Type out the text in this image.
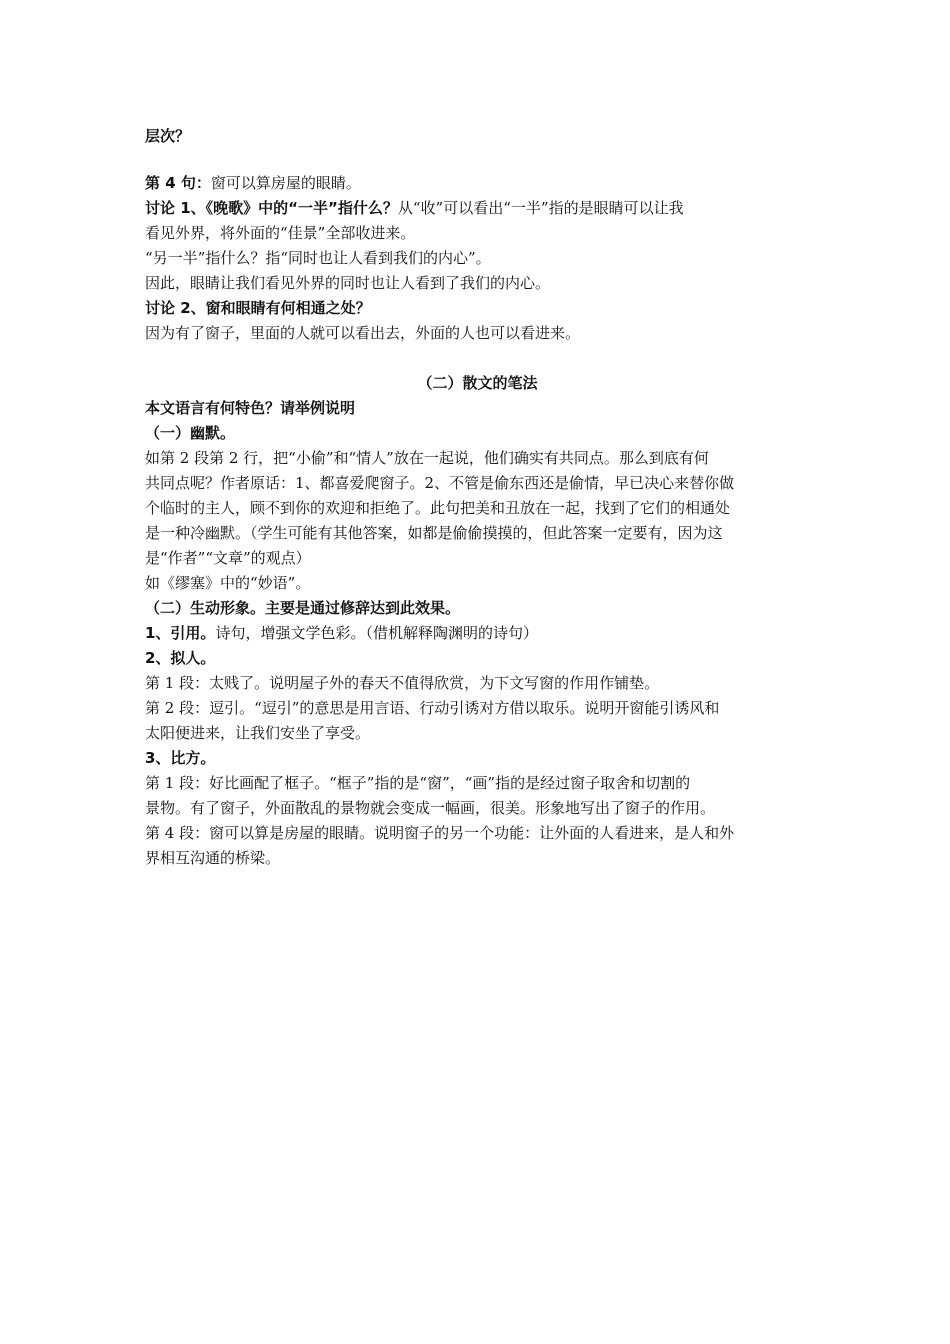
层次？
第 4 句：窗可以算房屋的眼睛。
讨论 1、《晚歌》中的“一半”指什么？从“收”可以看出“一半”指的是眼睛可以让我
看见外界，将外面的“佳景”全部收进来。
“另一半”指什么？指“同时也让人看到我们的内心”。
因此，眼睛让我们看见外界的同时也让人看到了我们的内心。
讨论 2、窗和眼睛有何相通之处？
因为有了窗子，里面的人就可以看出去，外面的人也可以看进来。
（二）散文的笔法
本文语言有何特色？请举例说明
（一）幽默。
如第 2 段第 2 行，把“小偷”和“情人”放在一起说，他们确实有共同点。那么到底有何
共同点呢？作者原话：1、都喜爱爬窗子。2、不管是偷东西还是偷情，早已决心来替你做
个临时的主人，顾不到你的欢迎和拒绝了。此句把美和丑放在一起，找到了它们的相通处
是一种冷幽默。（学生可能有其他答案，如都是偷偷摸摸的，但此答案一定要有，因为这
是“作者”“文章”的观点）
如《缪塞》中的“妙语”。
（二）生动形象。主要是通过修辞达到此效果。
1、引用。诗句，增强文学色彩。（借机解释陶渊明的诗句）
2、拟人。
第 1 段：太贱了。说明屋子外的春天不值得欣赏，为下文写窗的作用作铺垫。
第 2 段：逗引。“逗引”的意思是用言语、行动引诱对方借以取乐。说明开窗能引诱风和
太阳便进来，让我们安坐了享受。
3、比方。
第 1 段：好比画配了框子。“框子”指的是“窗”，“画”指的是经过窗子取舍和切割的
景物。有了窗子，外面散乱的景物就会变成一幅画，很美。形象地写出了窗子的作用。
第 4 段：窗可以算是房屋的眼睛。说明窗子的另一个功能：让外面的人看进来，是人和外
界相互沟通的桥梁。
